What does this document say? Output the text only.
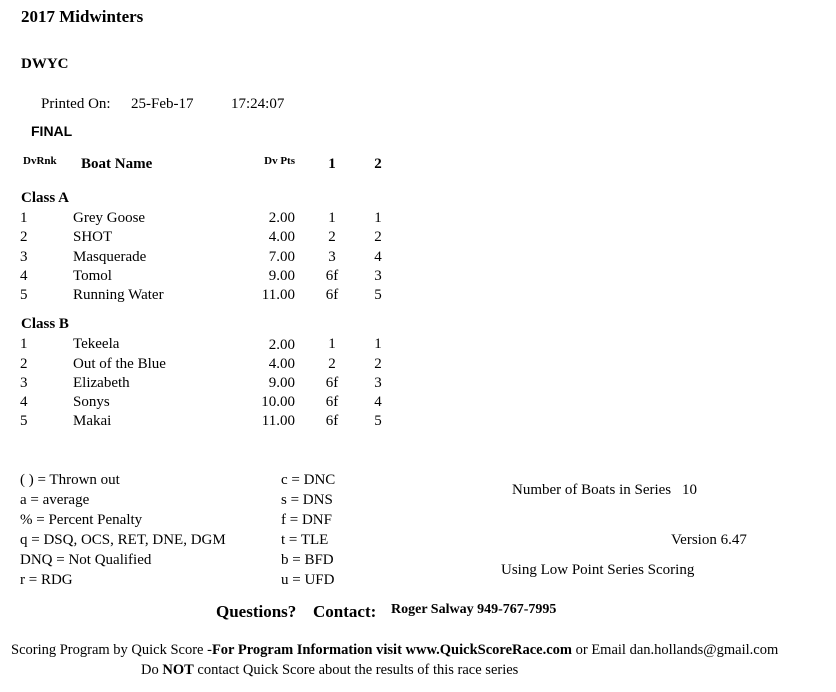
2017 Midwinters
DWYC
Printed On: 25-Feb-17	17:24:07
FINAL
DvRnk Boat Name	Dv Pts	1	2
Class A
1	Grey Goose	2.00	1	1
2	SHOT	4.00	2	2
3	Masquerade	7.00	3	4
4	Tomol	9.00	6f	3
5	Running Water	11.00	6f	5
Class B
1	Tekeela	2.00	1	1
2	Out of the Blue	4.00	2	2
3	Elizabeth	9.00	6f	3
4	Sonys	10.00	6f	4
5	Makai	11.00	6f	5
( ) = Thrown out
a = average
% = Percent Penalty
q = DSQ, OCS, RET, DNE, DGM
DNQ = Not Qualified
r = RDG
c = DNC
s = DNS
f = DNF
t = TLE
b = BFD
u = UFD
Number of Boats in Series 10
Version 6.47
Using Low Point Series Scoring
Questions? Contact: Roger Salway 949-767-7995
Scoring Program by Quick Score -For Program Information visit www.QuickScoreRace.com or Email dan.hollands@gmail.com
Do NOT contact Quick Score about the results of this race series
